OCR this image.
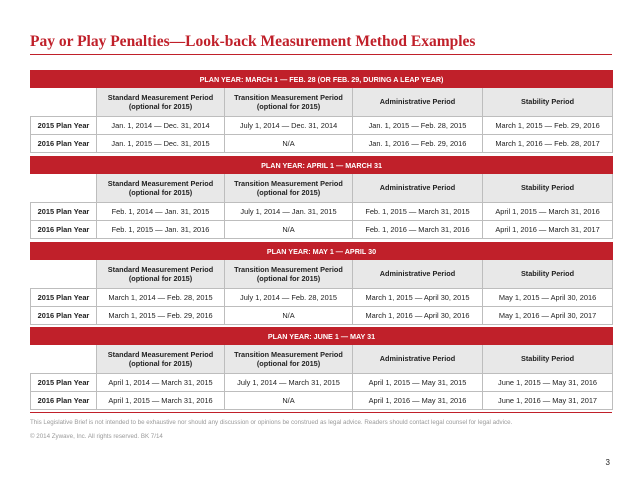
Pay or Play Penalties—Look-back Measurement Method Examples
PLAN YEAR: MARCH 1 — FEB. 28 (OR FEB. 29, DURING A LEAP YEAR)				
	Standard Measurement Period (optional for 2015)	Transition Measurement Period (optional for 2015)	Administrative Period	Stability Period
2015 Plan Year	Jan. 1, 2014 — Dec. 31, 2014	July 1, 2014 — Dec. 31, 2014	Jan. 1, 2015 — Feb. 28, 2015	March 1, 2015 — Feb. 29, 2016
2016 Plan Year	Jan. 1, 2015 — Dec. 31, 2015	N/A	Jan. 1, 2016 — Feb. 29, 2016	March 1, 2016 — Feb. 28, 2017
PLAN YEAR: APRIL 1 — MARCH 31				
	Standard Measurement Period (optional for 2015)	Transition Measurement Period (optional for 2015)	Administrative Period	Stability Period
2015 Plan Year	Feb. 1, 2014 — Jan. 31, 2015	July 1, 2014 — Jan. 31, 2015	Feb. 1, 2015 — March 31, 2015	April 1, 2015 — March 31, 2016
2016 Plan Year	Feb. 1, 2015 — Jan. 31, 2016	N/A	Feb. 1, 2016 — March 31, 2016	April 1, 2016 — March 31, 2017
PLAN YEAR: MAY 1 — APRIL 30				
	Standard Measurement Period (optional for 2015)	Transition Measurement Period (optional for 2015)	Administrative Period	Stability Period
2015 Plan Year	March 1, 2014 — Feb. 28, 2015	July 1, 2014 — Feb. 28, 2015	March 1, 2015 — April 30, 2015	May 1, 2015 — April 30, 2016
2016 Plan Year	March 1, 2015 — Feb. 29, 2016	N/A	March 1, 2016 — April 30, 2016	May 1, 2016 — April 30, 2017
PLAN YEAR: JUNE 1 — MAY 31				
	Standard Measurement Period (optional for 2015)	Transition Measurement Period (optional for 2015)	Administrative Period	Stability Period
2015 Plan Year	April 1, 2014 — March 31, 2015	July 1, 2014 — March 31, 2015	April 1, 2015 — May 31, 2015	June 1, 2015 — May 31, 2016
2016 Plan Year	April 1, 2015 — March 31, 2016	N/A	April 1, 2016 — May 31, 2016	June 1, 2016 — May 31, 2017
This Legislative Brief is not intended to be exhaustive nor should any discussion or opinions be construed as legal advice. Readers should contact legal counsel for legal advice.
© 2014 Zywave, Inc. All rights reserved. BK 7/14
3
